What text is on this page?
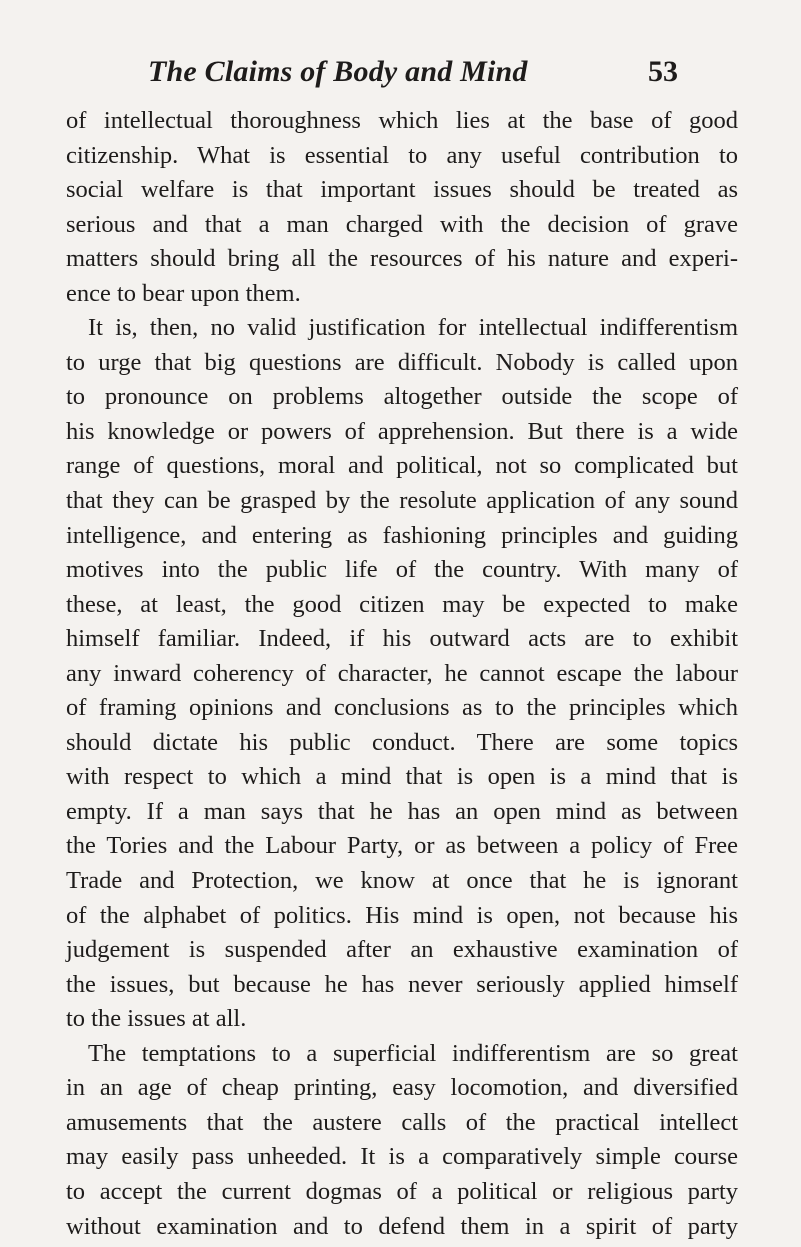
The Claims of Body and Mind	53
of intellectual thoroughness which lies at the base of good
citizenship. What is essential to any useful contribution to
social welfare is that important issues should be treated as
serious and that a man charged with the decision of grave
matters should bring all the resources of his nature and experi-
ence to bear upon them.
It is, then, no valid justification for intellectual indifferentism
to urge that big questions are difficult. Nobody is called upon
to pronounce on problems altogether outside the scope of
his knowledge or powers of apprehension. But there is a wide
range of questions, moral and political, not so complicated but
that they can be grasped by the resolute application of any sound
intelligence, and entering as fashioning principles and guiding
motives into the public life of the country. With many of
these, at least, the good citizen may be expected to make
himself familiar. Indeed, if his outward acts are to exhibit
any inward coherency of character, he cannot escape the labour
of framing opinions and conclusions as to the principles which
should dictate his public conduct. There are some topics
with respect to which a mind that is open is a mind that is
empty. If a man says that he has an open mind as between
the Tories and the Labour Party, or as between a policy of Free
Trade and Protection, we know at once that he is ignorant
of the alphabet of politics. His mind is open, not because his
judgement is suspended after an exhaustive examination of
the issues, but because he has never seriously applied himself
to the issues at all.
The temptations to a superficial indifferentism are so great
in an age of cheap printing, easy locomotion, and diversified
amusements that the austere calls of the practical intellect
may easily pass unheeded. It is a comparatively simple course
to accept the current dogmas of a political or religious party
without examination and to defend them in a spirit of party
